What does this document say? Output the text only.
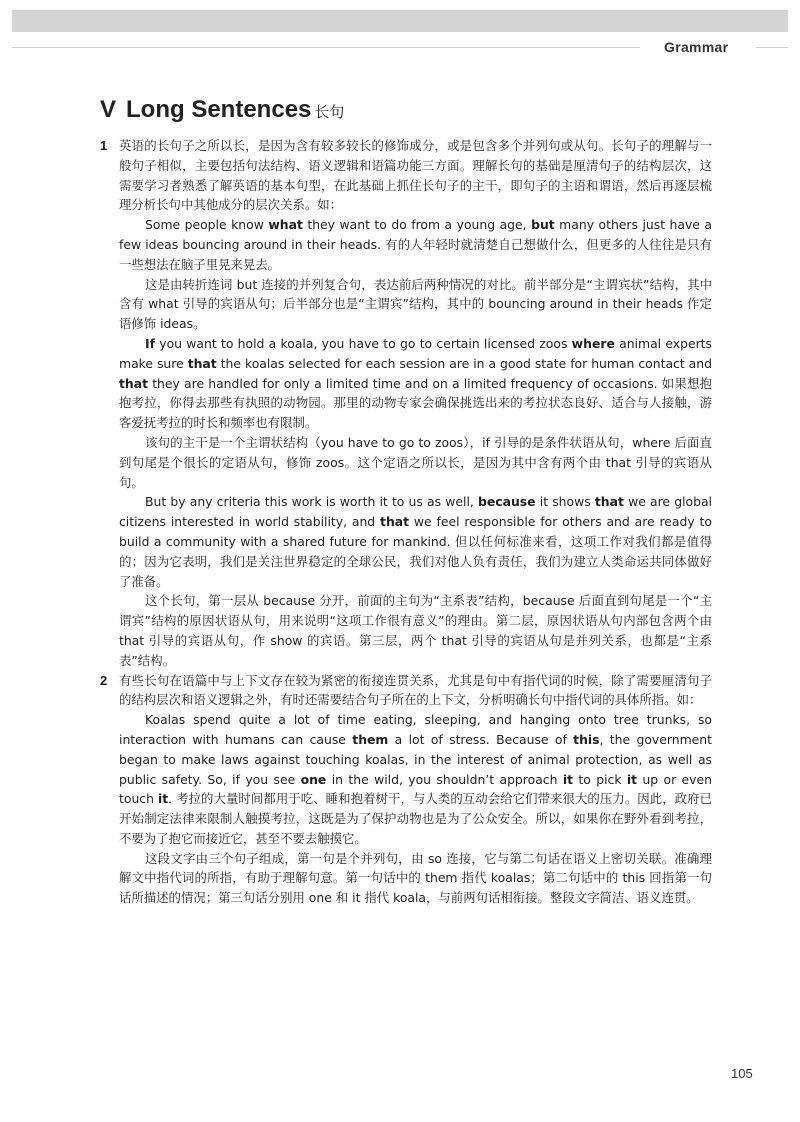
Grammar
V Long Sentences 长句
1 英语的长句子之所以长，是因为含有较多较长的修饰成分，或是包含多个并列句或从句。长句子的理解与一般句子相似，主要包括句法结构、语义逻辑和语篇功能三方面。理解长句的基础是厘清句子的结构层次，这需要学习者熟悉了解英语的基本句型，在此基础上抓住长句子的主干，即句子的主语和谓语，然后再逐层梳理分析长句中其他成分的层次关系。如：

Some people know what they want to do from a young age, but many others just have a few ideas bouncing around in their heads. 有的人年轻时就清楚自己想做什么，但更多的人往往是只有一些想法在脑子里晃来晃去。

这是由转折连词 but 连接的并列复合句，表达前后两种情况的对比。前半部分是“主谓宾状”结构，其中含有 what 引导的宾语从句；后半部分也是“主谓宾”结构，其中的 bouncing around in their heads 作定语修饰 ideas。

If you want to hold a koala, you have to go to certain licensed zoos where animal experts make sure that the koalas selected for each session are in a good state for human contact and that they are handled for only a limited time and on a limited frequency of occasions. 如果想抱抱考拉，你得去那些有执照的动物园。那里的动物专家会确保挑选出来的考拉状态良好、适合与人接触，游客爱抚考拉的时长和频率也有限制。

该句的主干是一个主谓状结构（you have to go to zoos），if 引导的是条件状语从句，where 后面直到句尾是个很长的定语从句，修饰 zoos。这个定语之所以长，是因为其中含有两个由 that 引导的宾语从句。

But by any criteria this work is worth it to us as well, because it shows that we are global citizens interested in world stability, and that we feel responsible for others and are ready to build a community with a shared future for mankind. 但以任何标准来看，这项工作对我们都是值得的；因为它表明，我们是关注世界稳定的全球公民，我们对他人负有责任，我们为建立人类命运共同体做好了准备。

这个长句，第一层从 because 分开，前面的主句为“主系表”结构，because 后面直到句尾是一个“主谓宾”结构的原因状语从句，用来说明“这项工作很有意义”的理由。第二层，原因状语从句内部包含两个由 that 引导的宾语从句，作 show 的宾语。第三层，两个 that 引导的宾语从句是并列关系，也都是“主系表”结构。

2 有些长句在语篇中与上下文存在较为紧密的衔接连贯关系，尤其是句中有指代词的时候，除了需要厘清句子的结构层次和语义逻辑之外，有时还需要结合句子所在的上下文，分析明确长句中指代词的具体所指。如：

Koalas spend quite a lot of time eating, sleeping, and hanging onto tree trunks, so interaction with humans can cause them a lot of stress. Because of this, the government began to make laws against touching koalas, in the interest of animal protection, as well as public safety. So, if you see one in the wild, you shouldn’t approach it to pick it up or even touch it. 考拉的大量时间都用于吃、睡和抱着树干，与人类的互动会给它们带来很大的压力。因此，政府已开始制定法律来限制人触摸考拉，这既是为了保护动物也是为了公众安全。所以，如果你在野外看到考拉，不要为了抱它而接近它，甚至不要去触摸它。

这段文字由三个句子组成，第一句是个并列句，由 so 连接，它与第二句话在语义上密切关联。准确理解文中指代词的所指，有助于理解句意。第一句话中的 them 指代 koalas；第二句话中的 this 回指第一句话所描述的情况；第三句话分别用 one 和 it 指代 koala，与前两句话相衔接。整段文字简洁、语义连贯。

105
